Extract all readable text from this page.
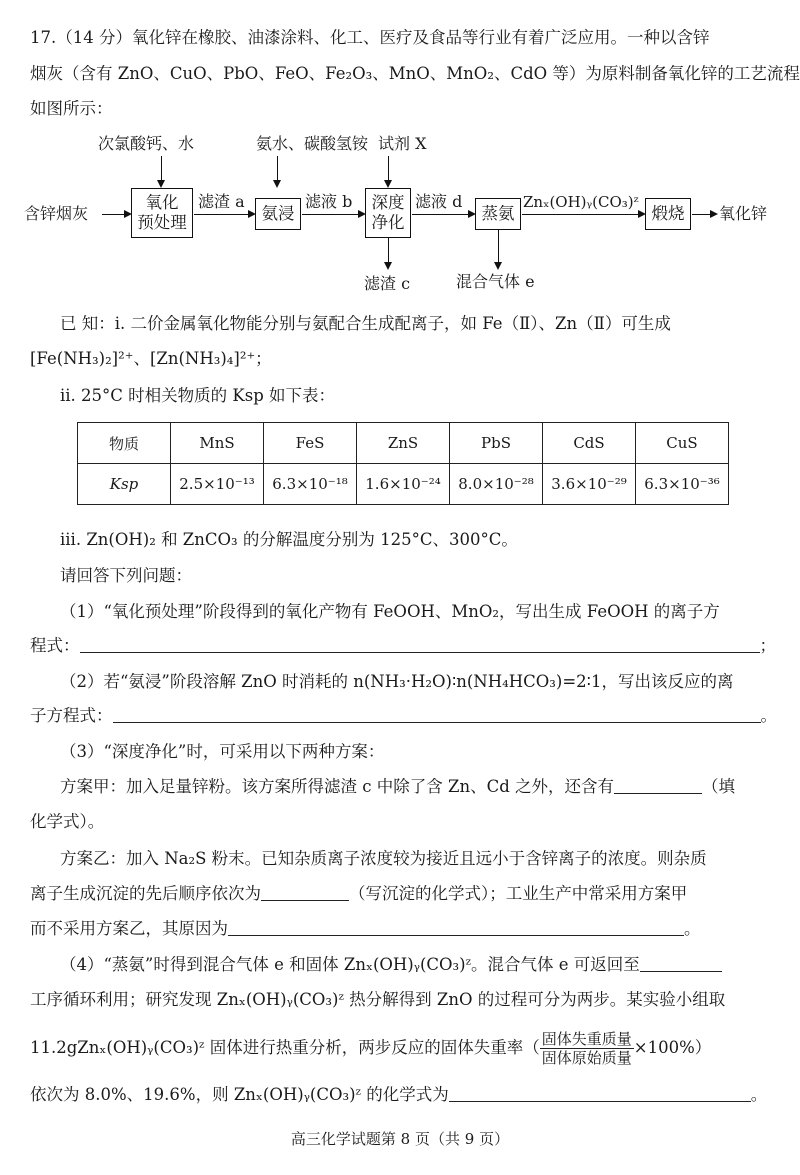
17.（14 分）氧化锌在橡胶、油漆涂料、化工、医疗及食品等行业有着广泛应用。一种以含锌
烟灰（含有 ZnO、CuO、PbO、FeO、Fe₂O₃、MnO、MnO₂、CdO 等）为原料制备氧化锌的工艺流程
如图所示：
次氯酸钙、水	氨水、碳酸氢铵 试剂 X
含锌烟灰
氧化
预处理
滤渣 a
氨浸
滤液 b 深度
净化
滤液 d
蒸氨
Znₓ(OH)ᵧ(CO₃)ᶻ
煅烧	氧化锌
滤渣 c	混合气体 e
已 知：i. 二价金属氧化物能分别与氨配合生成配离子，如 Fe（Ⅱ）、Zn（Ⅱ）可生成
[Fe(NH₃)₂]²⁺、[Zn(NH₃)₄]²⁺；
ⅱ. 25°C 时相关物质的 Ksp 如下表：
物质	MnS	FeS	ZnS	PbS	CdS	CuS
Ksp	2.5×10⁻¹³	6.3×10⁻¹⁸	1.6×10⁻²⁴	8.0×10⁻²⁸	3.6×10⁻²⁹	6.3×10⁻³⁶
iii. Zn(OH)₂ 和 ZnCO₃ 的分解温度分别为 125°C、300°C。
请回答下列问题：
（1）“氧化预处理”阶段得到的氧化产物有 FeOOH、MnO₂，写出生成 FeOOH 的离子方
程式：	；
（2）若“氨浸”阶段溶解 ZnO 时消耗的 n(NH₃·H₂O)∶n(NH₄HCO₃)=2∶1，写出该反应的离
子方程式：	。
（3）“深度净化”时，可采用以下两种方案：
方案甲：加入足量锌粉。该方案所得滤渣 c 中除了含 Zn、Cd 之外，还含有	（填
化学式）。
方案乙：加入 Na₂S 粉末。已知杂质离子浓度较为接近且远小于含锌离子的浓度。则杂质
离子生成沉淀的先后顺序依次为	（写沉淀的化学式）；工业生产中常采用方案甲
而不采用方案乙，其原因为	。
（4）“蒸氨”时得到混合气体 e 和固体 Znₓ(OH)ᵧ(CO₃)ᶻ。混合气体 e 可返回至
工序循环利用；研究发现 Znₓ(OH)ᵧ(CO₃)ᶻ 热分解得到 ZnO 的过程可分为两步。某实验小组取
11.2gZnₓ(OH)ᵧ(CO₃)ᶻ 固体进行热重分析，两步反应的固体失重率（ $\frac{\text{固体失重质量}}{\text{固体原始质量}} \times 100\%$）
依次为 8.0%、19.6%，则 Znₓ(OH)ᵧ(CO₃)ᶻ 的化学式为	。
高三化学试题第 8 页（共 9 页）
